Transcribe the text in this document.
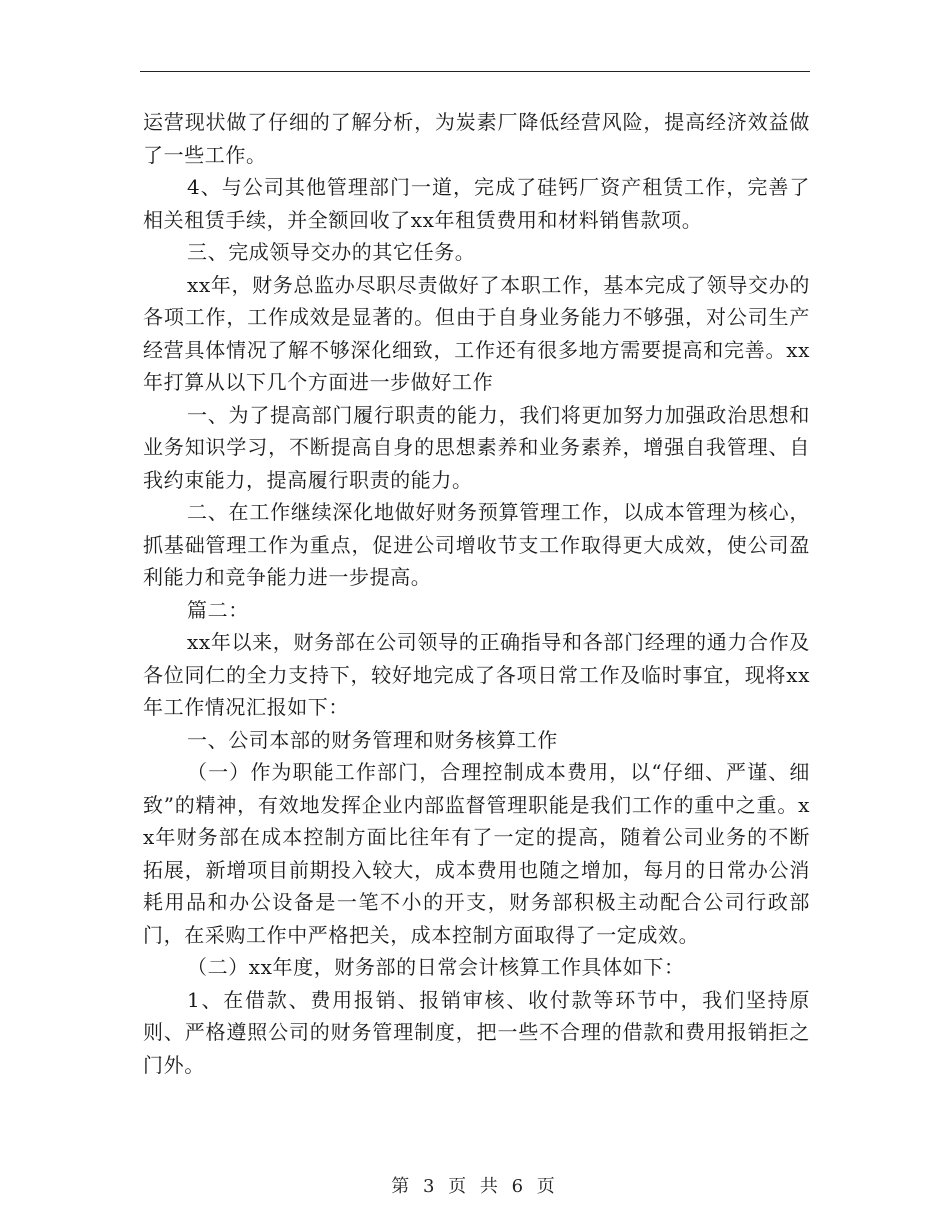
运营现状做了仔细的了解分析，为炭素厂降低经营风险，提高经济效益做了一些工作。

4、与公司其他管理部门一道，完成了硅钙厂资产租赁工作，完善了相关租赁手续，并全额回收了xx年租赁费用和材料销售款项。

三、完成领导交办的其它任务。

xx年，财务总监办尽职尽责做好了本职工作，基本完成了领导交办的各项工作，工作成效是显著的。但由于自身业务能力不够强，对公司生产经营具体情况了解不够深化细致，工作还有很多地方需要提高和完善。xx年打算从以下几个方面进一步做好工作

一、为了提高部门履行职责的能力，我们将更加努力加强政治思想和业务知识学习，不断提高自身的思想素养和业务素养，增强自我管理、自我约束能力，提高履行职责的能力。

二、在工作继续深化地做好财务预算管理工作，以成本管理为核心，抓基础管理工作为重点，促进公司增收节支工作取得更大成效，使公司盈利能力和竞争能力进一步提高。

篇二：

xx年以来，财务部在公司领导的正确指导和各部门经理的通力合作及各位同仁的全力支持下，较好地完成了各项日常工作及临时事宜，现将xx年工作情况汇报如下：

一、公司本部的财务管理和财务核算工作

（一）作为职能工作部门，合理控制成本费用，以“仔细、严谨、细致”的精神，有效地发挥企业内部监督管理职能是我们工作的重中之重。xx年财务部在成本控制方面比往年有了一定的提高，随着公司业务的不断拓展，新增项目前期投入较大，成本费用也随之增加，每月的日常办公消耗用品和办公设备是一笔不小的开支，财务部积极主动配合公司行政部门，在采购工作中严格把关，成本控制方面取得了一定成效。

（二）xx年度，财务部的日常会计核算工作具体如下：

1、在借款、费用报销、报销审核、收付款等环节中，我们坚持原则、严格遵照公司的财务管理制度，把一些不合理的借款和费用报销拒之门外。

第 3 页 共 6 页
